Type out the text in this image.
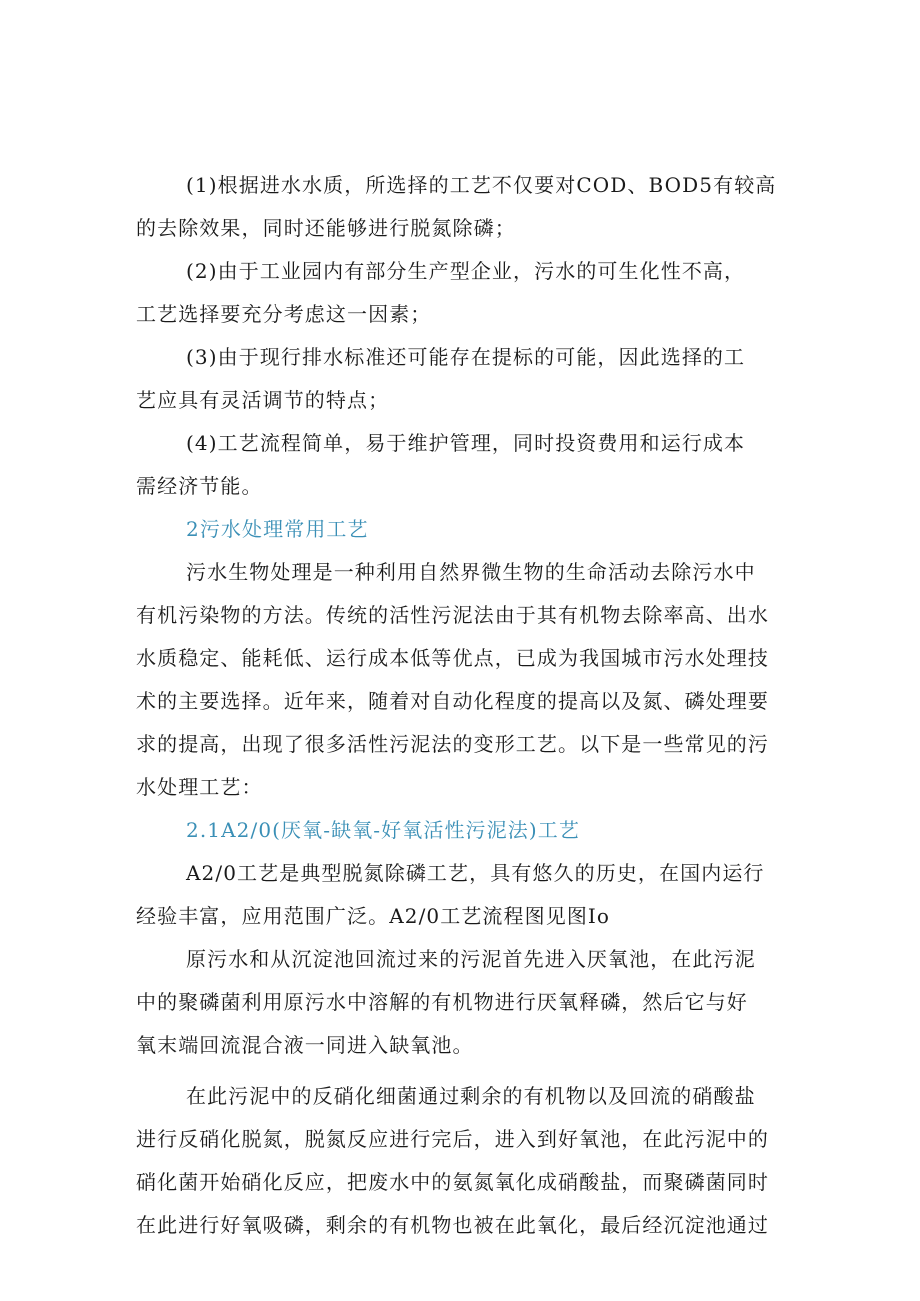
(1)根据进水水质，所选择的工艺不仅要对COD、BOD5有较高
的去除效果，同时还能够进行脱氮除磷；

(2)由于工业园内有部分生产型企业，污水的可生化性不高，
工艺选择要充分考虑这一因素；

(3)由于现行排水标准还可能存在提标的可能，因此选择的工
艺应具有灵活调节的特点；

(4)工艺流程简单，易于维护管理，同时投资费用和运行成本
需经济节能。

2污水处理常用工艺

污水生物处理是一种利用自然界微生物的生命活动去除污水中
有机污染物的方法。传统的活性污泥法由于其有机物去除率高、出水
水质稳定、能耗低、运行成本低等优点，已成为我国城市污水处理技
术的主要选择。近年来，随着对自动化程度的提高以及氮、磷处理要
求的提高，出现了很多活性污泥法的变形工艺。以下是一些常见的污
水处理工艺：

2.1A2/0(厌氧-缺氧-好氧活性污泥法)工艺

A2/0工艺是典型脱氮除磷工艺，具有悠久的历史，在国内运行
经验丰富，应用范围广泛。A2/0工艺流程图见图Io

原污水和从沉淀池回流过来的污泥首先进入厌氧池，在此污泥
中的聚磷菌利用原污水中溶解的有机物进行厌氧释磷，然后它与好
氧末端回流混合液一同进入缺氧池。

在此污泥中的反硝化细菌通过剩余的有机物以及回流的硝酸盐
进行反硝化脱氮，脱氮反应进行完后，进入到好氧池，在此污泥中的
硝化菌开始硝化反应，把废水中的氨氮氧化成硝酸盐，而聚磷菌同时
在此进行好氧吸磷，剩余的有机物也被在此氧化，最后经沉淀池通过
